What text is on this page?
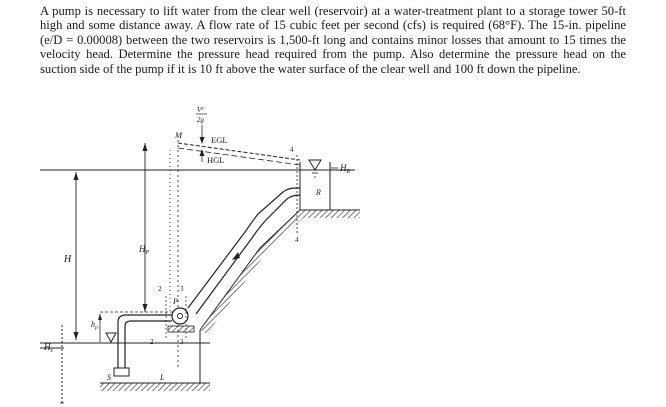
A pump is necessary to lift water from the clear well (reservoir) at a water-treatment plant to a storage tower 50-ft high and some distance away. A flow rate of 15 cubic feet per second (cfs) is required (68°F). The 15-in. pipeline (e/D = 0.00008) between the two reservoirs is 1,500-ft long and contains minor losses that amount to 15 times the velocity head. Determine the pressure head required from the pump. Also determine the pressure head on the suction side of the pump if it is 10 ft above the water surface of the clear well and 100 ft down the pipeline.

H
$H_s$
$H_P$
EGL
HGL
M
V²
2g
R
$H_R$
4
4
P
2	3
2	3
$h_p$
S	L
